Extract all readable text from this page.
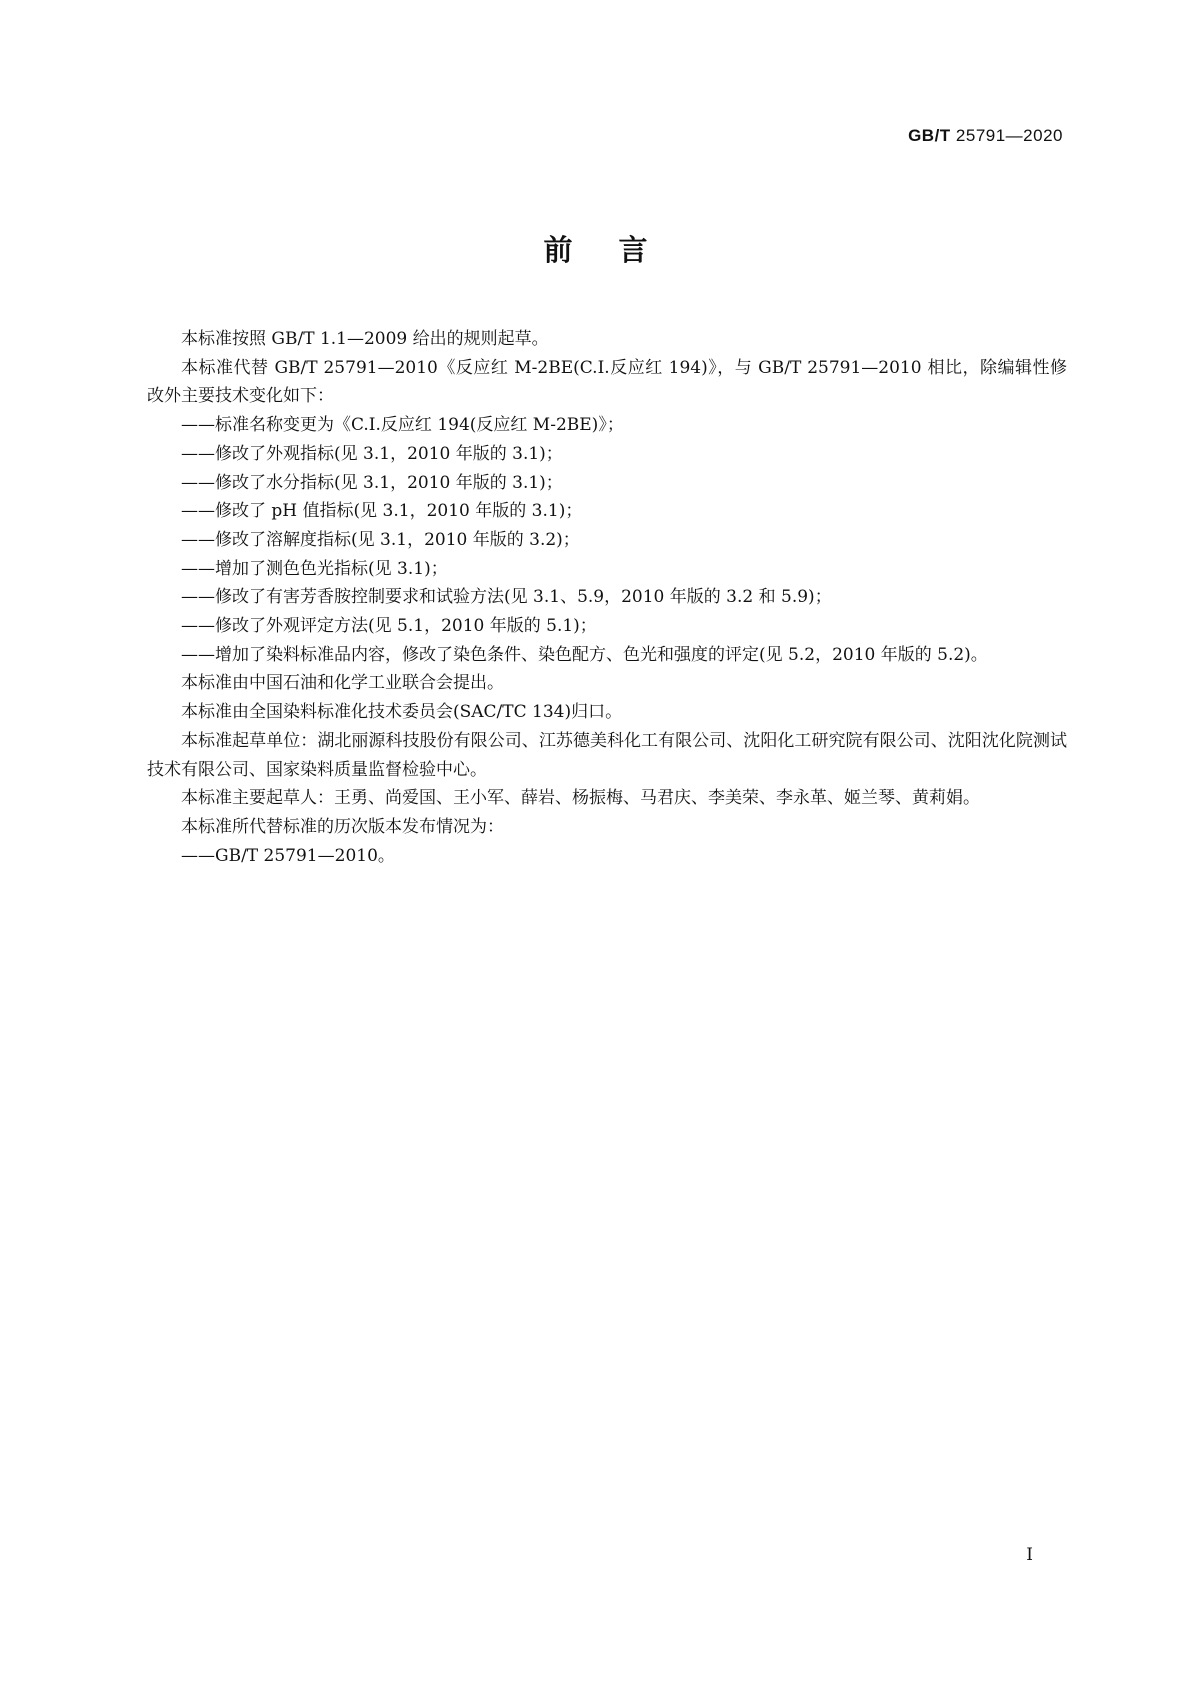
GB/T 25791—2020
前言

本标准按照 GB/T 1.1—2009 给出的规则起草。

本标准代替 GB/T 25791—2010《反应红 M-2BE(C.I.反应红 194)》，与 GB/T 25791—2010 相比，除编辑性修改外主要技术变化如下：

——标准名称变更为《C.I.反应红 194(反应红 M-2BE)》；

——修改了外观指标(见 3.1，2010 年版的 3.1)；

——修改了水分指标(见 3.1，2010 年版的 3.1)；

——修改了 pH 值指标(见 3.1，2010 年版的 3.1)；

——修改了溶解度指标(见 3.1，2010 年版的 3.2)；

——增加了测色色光指标(见 3.1)；

——修改了有害芳香胺控制要求和试验方法(见 3.1、5.9，2010 年版的 3.2 和 5.9)；

——修改了外观评定方法(见 5.1，2010 年版的 5.1)；

——增加了染料标准品内容，修改了染色条件、染色配方、色光和强度的评定(见 5.2，2010 年版的 5.2)。

本标准由中国石油和化学工业联合会提出。

本标准由全国染料标准化技术委员会(SAC/TC 134)归口。

本标准起草单位：湖北丽源科技股份有限公司、江苏德美科化工有限公司、沈阳化工研究院有限公司、沈阳沈化院测试技术有限公司、国家染料质量监督检验中心。

本标准主要起草人：王勇、尚爱国、王小军、薛岩、杨振梅、马君庆、李美荣、李永革、姬兰琴、黄莉娟。

本标准所代替标准的历次版本发布情况为：

——GB/T 25791—2010。

I
